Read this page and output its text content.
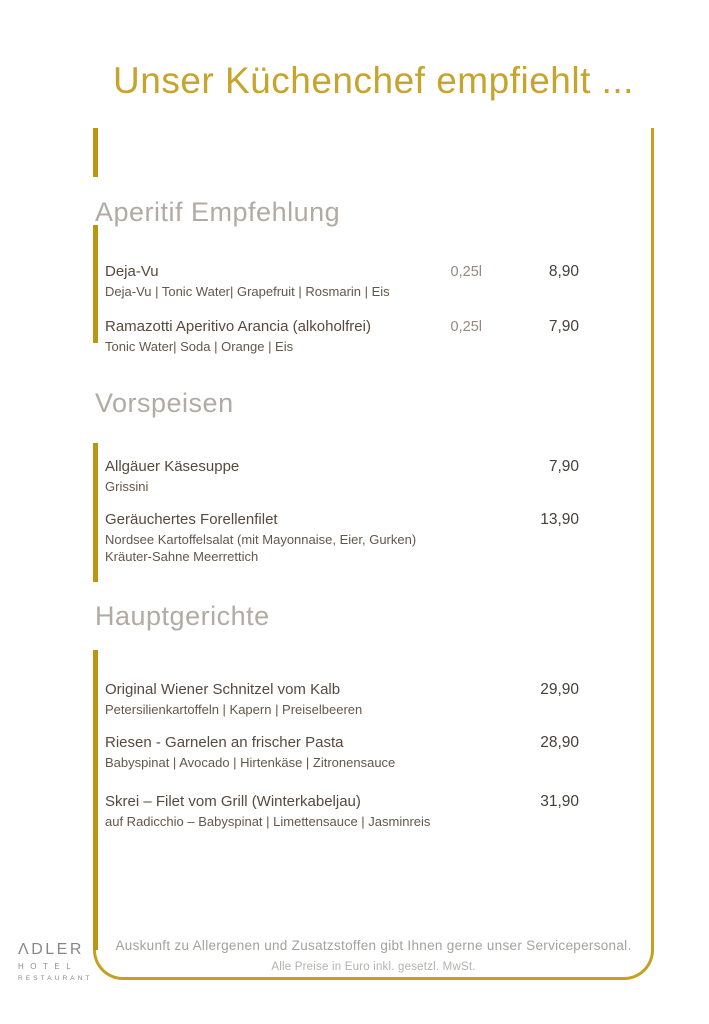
Unser Küchenchef empfiehlt ...
Aperitif Empfehlung
Vorspeisen
Hauptgerichte
Deja-Vu	0,25l	8,90
Deja-Vu | Tonic Water| Grapefruit | Rosmarin | Eis
Ramazotti Aperitivo Arancia (alkoholfrei)	0,25l	7,90
Tonic Water| Soda | Orange | Eis
Allgäuer Käsesuppe	7,90
Grissini
Geräuchertes Forellenfilet	13,90
Nordsee Kartoffelsalat (mit Mayonnaise, Eier, Gurken)
Kräuter-Sahne Meerrettich
Original Wiener Schnitzel vom Kalb	29,90
Petersilienkartoffeln | Kapern | Preiselbeeren
Riesen - Garnelen an frischer Pasta	28,90
Babyspinat | Avocado | Hirtenkäse | Zitronensauce
Skrei – Filet vom Grill (Winterkabeljau)	31,90
auf Radicchio – Babyspinat | Limettensauce | Jasminreis
Auskunft zu Allergenen und Zusatzstoffen gibt Ihnen gerne unser Servicepersonal.
Alle Preise in Euro inkl. gesetzl. MwSt.
ΛDLER
HOTEL
RESTAURANT
